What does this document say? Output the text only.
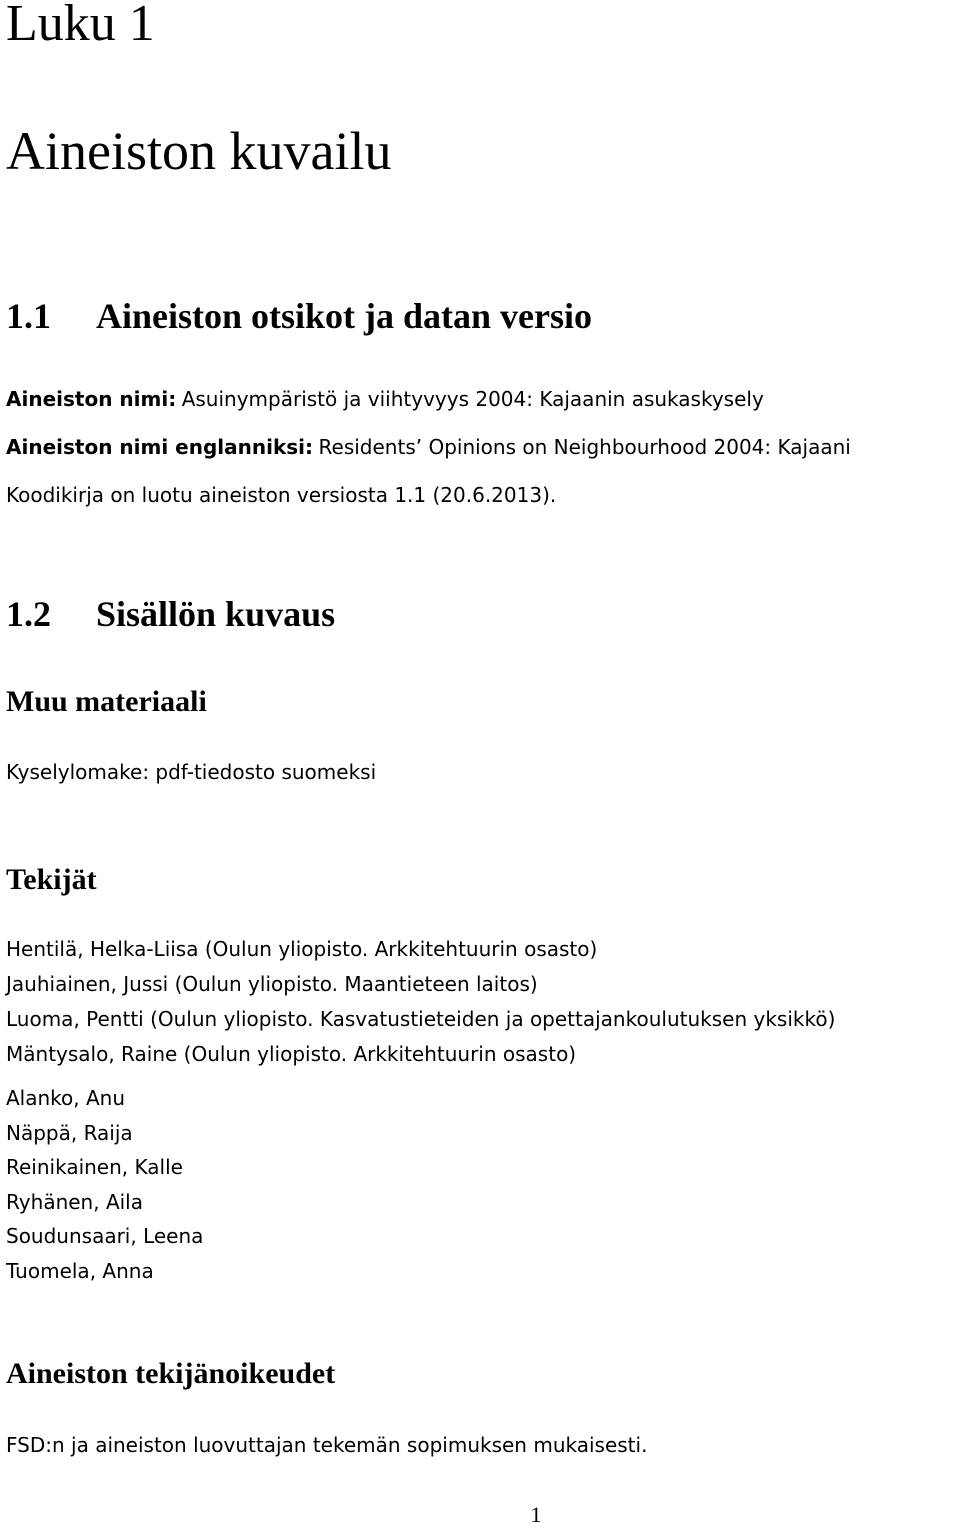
Luku 1
Aineiston kuvailu
1.1 Aineiston otsikot ja datan versio
Aineiston nimi: Asuinympäristö ja viihtyvyys 2004: Kajaanin asukaskysely
Aineiston nimi englanniksi: Residents’ Opinions on Neighbourhood 2004: Kajaani
Koodikirja on luotu aineiston versiosta 1.1 (20.6.2013).
1.2 Sisällön kuvaus
Muu materiaali
Kyselylomake: pdf-tiedosto suomeksi
Tekijät
Hentilä, Helka-Liisa (Oulun yliopisto. Arkkitehtuurin osasto)
Jauhiainen, Jussi (Oulun yliopisto. Maantieteen laitos)
Luoma, Pentti (Oulun yliopisto. Kasvatustieteiden ja opettajankoulutuksen yksikkö)
Mäntysalo, Raine (Oulun yliopisto. Arkkitehtuurin osasto)
Alanko, Anu
Näppä, Raija
Reinikainen, Kalle
Ryhänen, Aila
Soudunsaari, Leena
Tuomela, Anna
Aineiston tekijänoikeudet
FSD:n ja aineiston luovuttajan tekemän sopimuksen mukaisesti.
1
